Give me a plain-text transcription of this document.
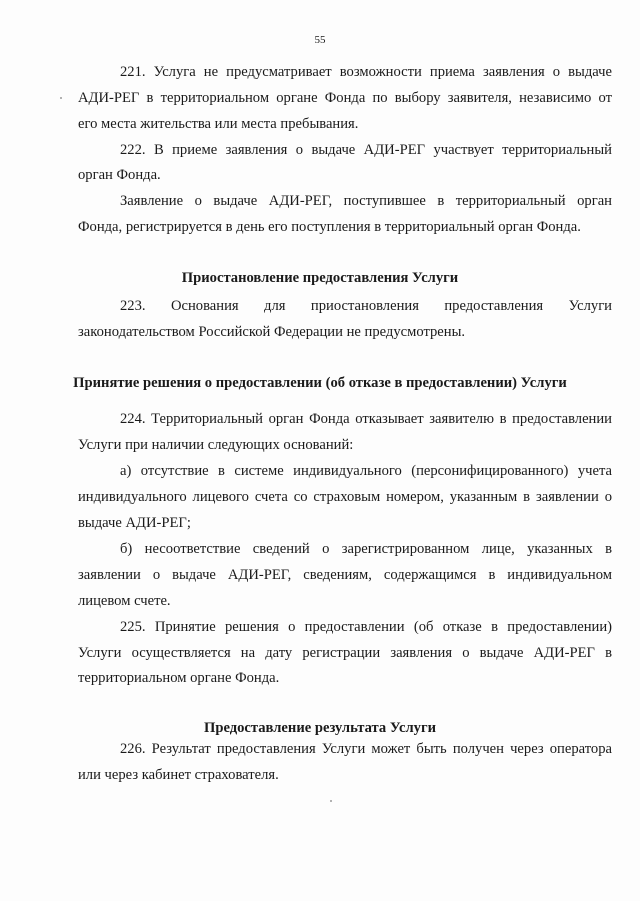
55
221. Услуга не предусматривает возможности приема заявления о выдаче
АДИ-РЕГ в территориальном органе Фонда по выбору заявителя, независимо от
его места жительства или места пребывания.
222. В приеме заявления о выдаче АДИ-РЕГ участвует территориальный
орган Фонда.
Заявление о выдаче АДИ-РЕГ, поступившее в территориальный орган
Фонда, регистрируется в день его поступления в территориальный орган Фонда.
Приостановление предоставления Услуги
223. Основания для приостановления предоставления Услуги
законодательством Российской Федерации не предусмотрены.
Принятие решения о предоставлении (об отказе в предоставлении) Услуги
224. Территориальный орган Фонда отказывает заявителю в предоставлении
Услуги при наличии следующих оснований:
а) отсутствие в системе индивидуального (персонифицированного) учета
индивидуального лицевого счета со страховым номером, указанным в заявлении о
выдаче АДИ-РЕГ;
б) несоответствие сведений о зарегистрированном лице, указанных в
заявлении о выдаче АДИ-РЕГ, сведениям, содержащимся в индивидуальном
лицевом счете.
225. Принятие решения о предоставлении (об отказе в предоставлении)
Услуги осуществляется на дату регистрации заявления о выдаче АДИ-РЕГ в
территориальном органе Фонда.
Предоставление результата Услуги
226. Результат предоставления Услуги может быть получен через оператора
или через кабинет страхователя.
